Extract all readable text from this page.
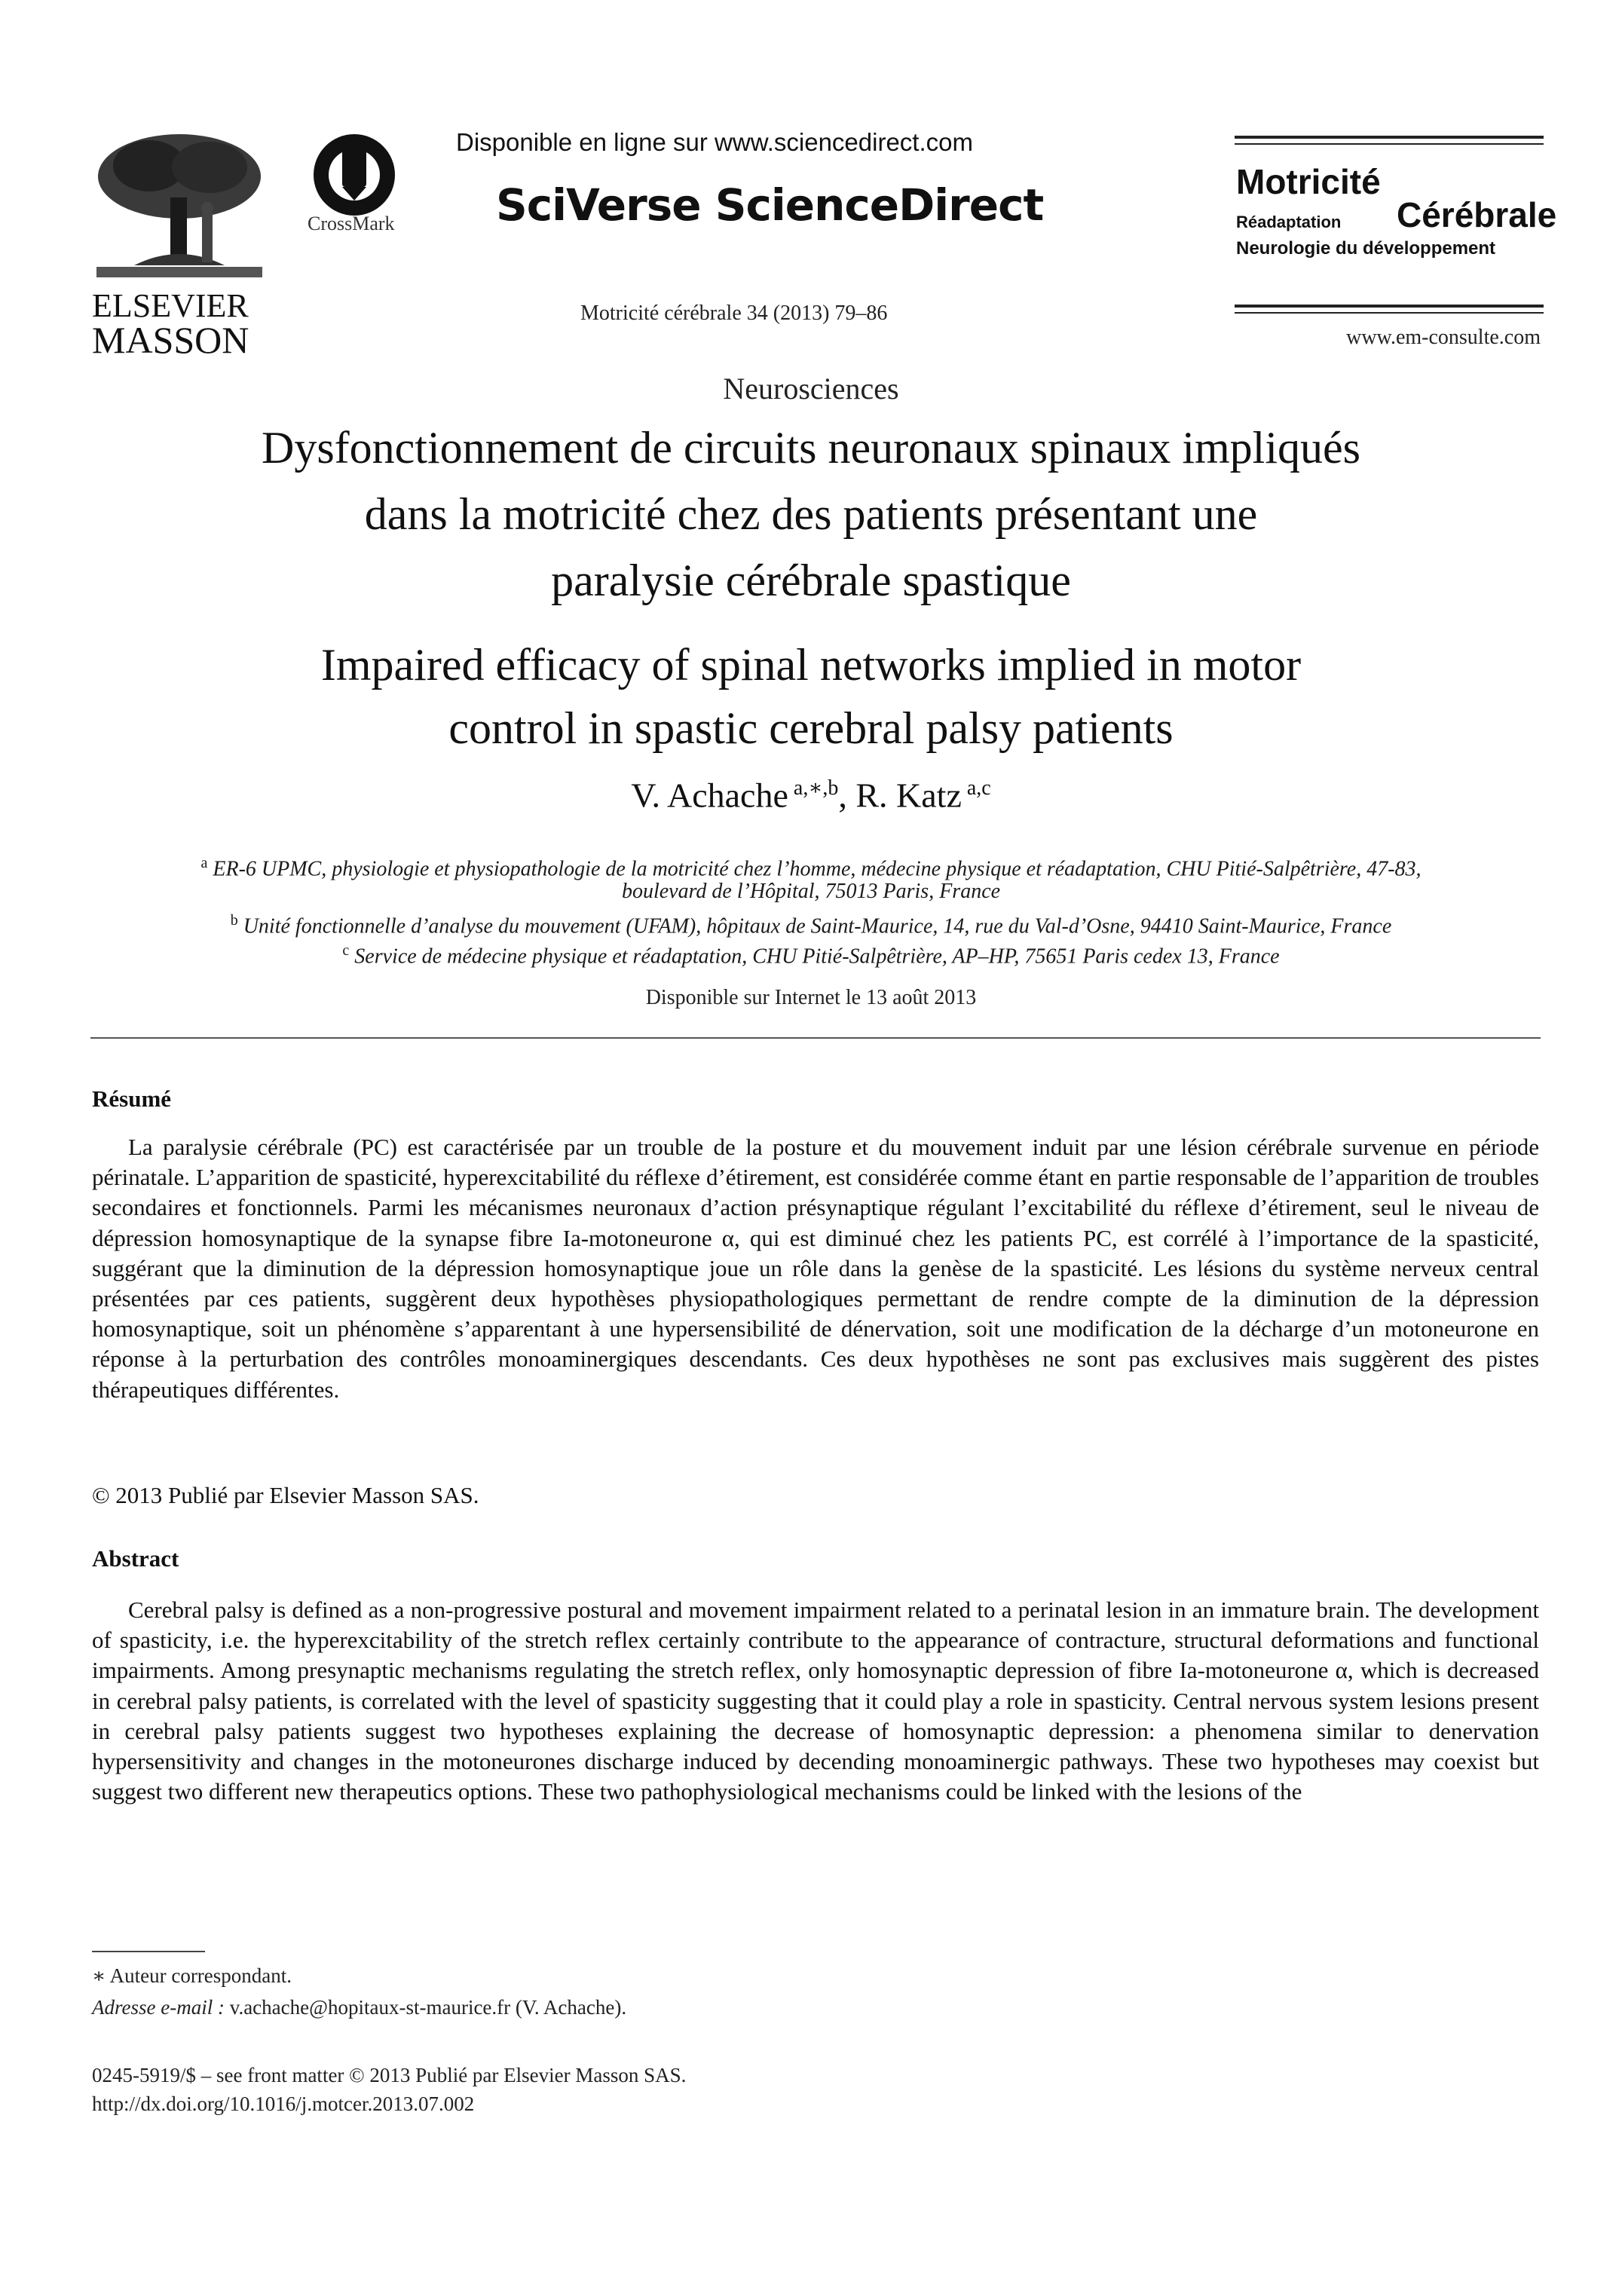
ELSEVIER
MASSON
CrossMark
Disponible en ligne sur www.sciencedirect.com
SciVerse ScienceDirect
Motricité cérébrale 34 (2013) 79–86
Motricité
Réadaptation Cérébrale
Neurologie du développement
www.em-consulte.com
Neurosciences
Dysfonctionnement de circuits neuronaux spinaux impliqués
dans la motricité chez des patients présentant une
paralysie cérébrale spastique
Impaired efficacy of spinal networks implied in motor
control in spastic cerebral palsy patients
V. Achache $^{a,∗,b}$, R. Katz $^{a,c}$
$^a$ ER-6 UPMC, physiologie et physiopathologie de la motricité chez l’homme, médecine physique et réadaptation, CHU Pitié-Salpêtrière, 47-83,
boulevard de l’Hôpital, 75013 Paris, France
$^b$ Unité fonctionnelle d’analyse du mouvement (UFAM), hôpitaux de Saint-Maurice, 14, rue du Val-d’Osne, 94410 Saint-Maurice, France
$^c$ Service de médecine physique et réadaptation, CHU Pitié-Salpêtrière, AP–HP, 75651 Paris cedex 13, France
Disponible sur Internet le 13 août 2013
Résumé
La paralysie cérébrale (PC) est caractérisée par un trouble de la posture et du mouvement induit par une lésion cérébrale survenue en période périnatale. L’apparition de spasticité, hyperexcitabilité du réflexe d’étirement, est considérée comme étant en partie responsable de l’apparition de troubles secondaires et fonctionnels. Parmi les mécanismes neuronaux d’action présynaptique régulant l’excitabilité du réflexe d’étirement, seul le niveau de dépression homosynaptique de la synapse fibre Ia-motoneurone α, qui est diminué chez les patients PC, est corrélé à l’importance de la spasticité, suggérant que la diminution de la dépression homosynaptique joue un rôle dans la genèse de la spasticité. Les lésions du système nerveux central présentées par ces patients, suggèrent deux hypothèses physiopathologiques permettant de rendre compte de la diminution de la dépression homosynaptique, soit un phénomène s’apparentant à une hypersensibilité de dénervation, soit une modification de la décharge d’un motoneurone en réponse à la perturbation des contrôles monoaminergiques descendants. Ces deux hypothèses ne sont pas exclusives mais suggèrent des pistes thérapeutiques différentes.
© 2013 Publié par Elsevier Masson SAS.
Abstract
Cerebral palsy is defined as a non-progressive postural and movement impairment related to a perinatal lesion in an immature brain. The development of spasticity, i.e. the hyperexcitability of the stretch reflex certainly contribute to the appearance of contracture, structural deformations and functional impairments. Among presynaptic mechanisms regulating the stretch reflex, only homosynaptic depression of fibre Ia-motoneurone α, which is decreased in cerebral palsy patients, is correlated with the level of spasticity suggesting that it could play a role in spasticity. Central nervous system lesions present in cerebral palsy patients suggest two hypotheses explaining the decrease of homosynaptic depression: a phenomena similar to denervation hypersensitivity and changes in the motoneurones discharge induced by decending monoaminergic pathways. These two hypotheses may coexist but suggest two different new therapeutics options. These two pathophysiological mechanisms could be linked with the lesions of the
∗ Auteur correspondant.
Adresse e-mail : v.achache@hopitaux-st-maurice.fr (V. Achache).
0245-5919/$ – see front matter © 2013 Publié par Elsevier Masson SAS.
http://dx.doi.org/10.1016/j.motcer.2013.07.002
